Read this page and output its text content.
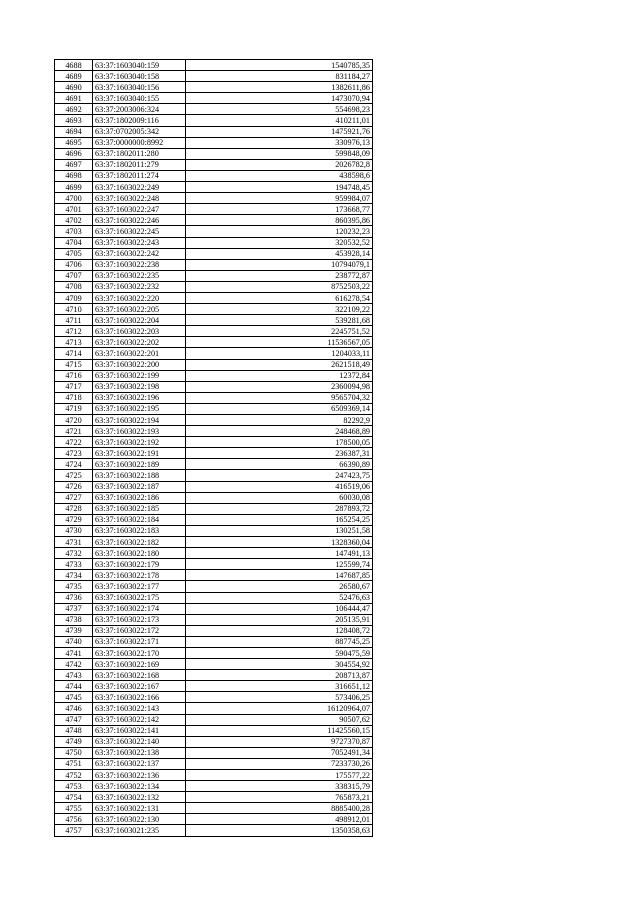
4688	63:37:1603040:159	1540785,35
4689	63:37:1603040:158	831184,27
4690	63:37:1603040:156	1382611,86
4691	63:37:1603040:155	1473070,94
4692	63:37:2003006:324	554698,23
4693	63:37:1802009:116	410211,01
4694	63:37:0702005:342	1475921,76
4695	63:37:0000000:8992	330976,13
4696	63:37:1802011:280	599848,09
4697	63:37:1802011:279	2026782,8
4698	63:37:1802011:274	438598,6
4699	63:37:1603022:249	194748,45
4700	63:37:1603022:248	959984,07
4701	63:37:1603022:247	173668,77
4702	63:37:1603022:246	860395,86
4703	63:37:1603022:245	120232,23
4704	63:37:1603022:243	320532,52
4705	63:37:1603022:242	453928,14
4706	63:37:1603022:238	10794079,1
4707	63:37:1603022:235	238772,87
4708	63:37:1603022:232	8752503,22
4709	63:37:1603022:220	616278,54
4710	63:37:1603022:205	322109,22
4711	63:37:1603022:204	539281,68
4712	63:37:1603022:203	2245751,52
4713	63:37:1603022:202	11536567,05
4714	63:37:1603022:201	1204033,11
4715	63:37:1603022:200	2621518,49
4716	63:37:1603022:199	12372,84
4717	63:37:1603022:198	2360094,98
4718	63:37:1603022:196	9565704,32
4719	63:37:1603022:195	6509369,14
4720	63:37:1603022:194	82292,9
4721	63:37:1603022:193	248468,89
4722	63:37:1603022:192	178500,05
4723	63:37:1603022:191	236387,31
4724	63:37:1603022:189	66390,89
4725	63:37:1603022:188	247423,75
4726	63:37:1603022:187	416519,06
4727	63:37:1603022:186	60030,08
4728	63:37:1603022:185	287893,72
4729	63:37:1603022:184	165254,25
4730	63:37:1603022:183	130251,58
4731	63:37:1603022:182	1328360,04
4732	63:37:1603022:180	147491,13
4733	63:37:1603022:179	125599,74
4734	63:37:1603022:178	147687,85
4735	63:37:1603022:177	26580,67
4736	63:37:1603022:175	52476,63
4737	63:37:1603022:174	106444,47
4738	63:37:1603022:173	205135,91
4739	63:37:1603022:172	128408,72
4740	63:37:1603022:171	887745,25
4741	63:37:1603022:170	590475,59
4742	63:37:1603022:169	304554,92
4743	63:37:1603022:168	208713,87
4744	63:37:1603022:167	316651,12
4745	63:37:1603022:166	573406,25
4746	63:37:1603022:143	16120964,07
4747	63:37:1603022:142	90507,62
4748	63:37:1603022:141	11425560,15
4749	63:37:1603022:140	9727370,87
4750	63:37:1603022:138	7052491,34
4751	63:37:1603022:137	7233730,26
4752	63:37:1603022:136	175577,22
4753	63:37:1603022:134	338315,79
4754	63:37:1603022:132	765873,21
4755	63:37:1603022:131	8885400,28
4756	63:37:1603022:130	498912,01
4757	63:37:1603021:235	1350358,63
